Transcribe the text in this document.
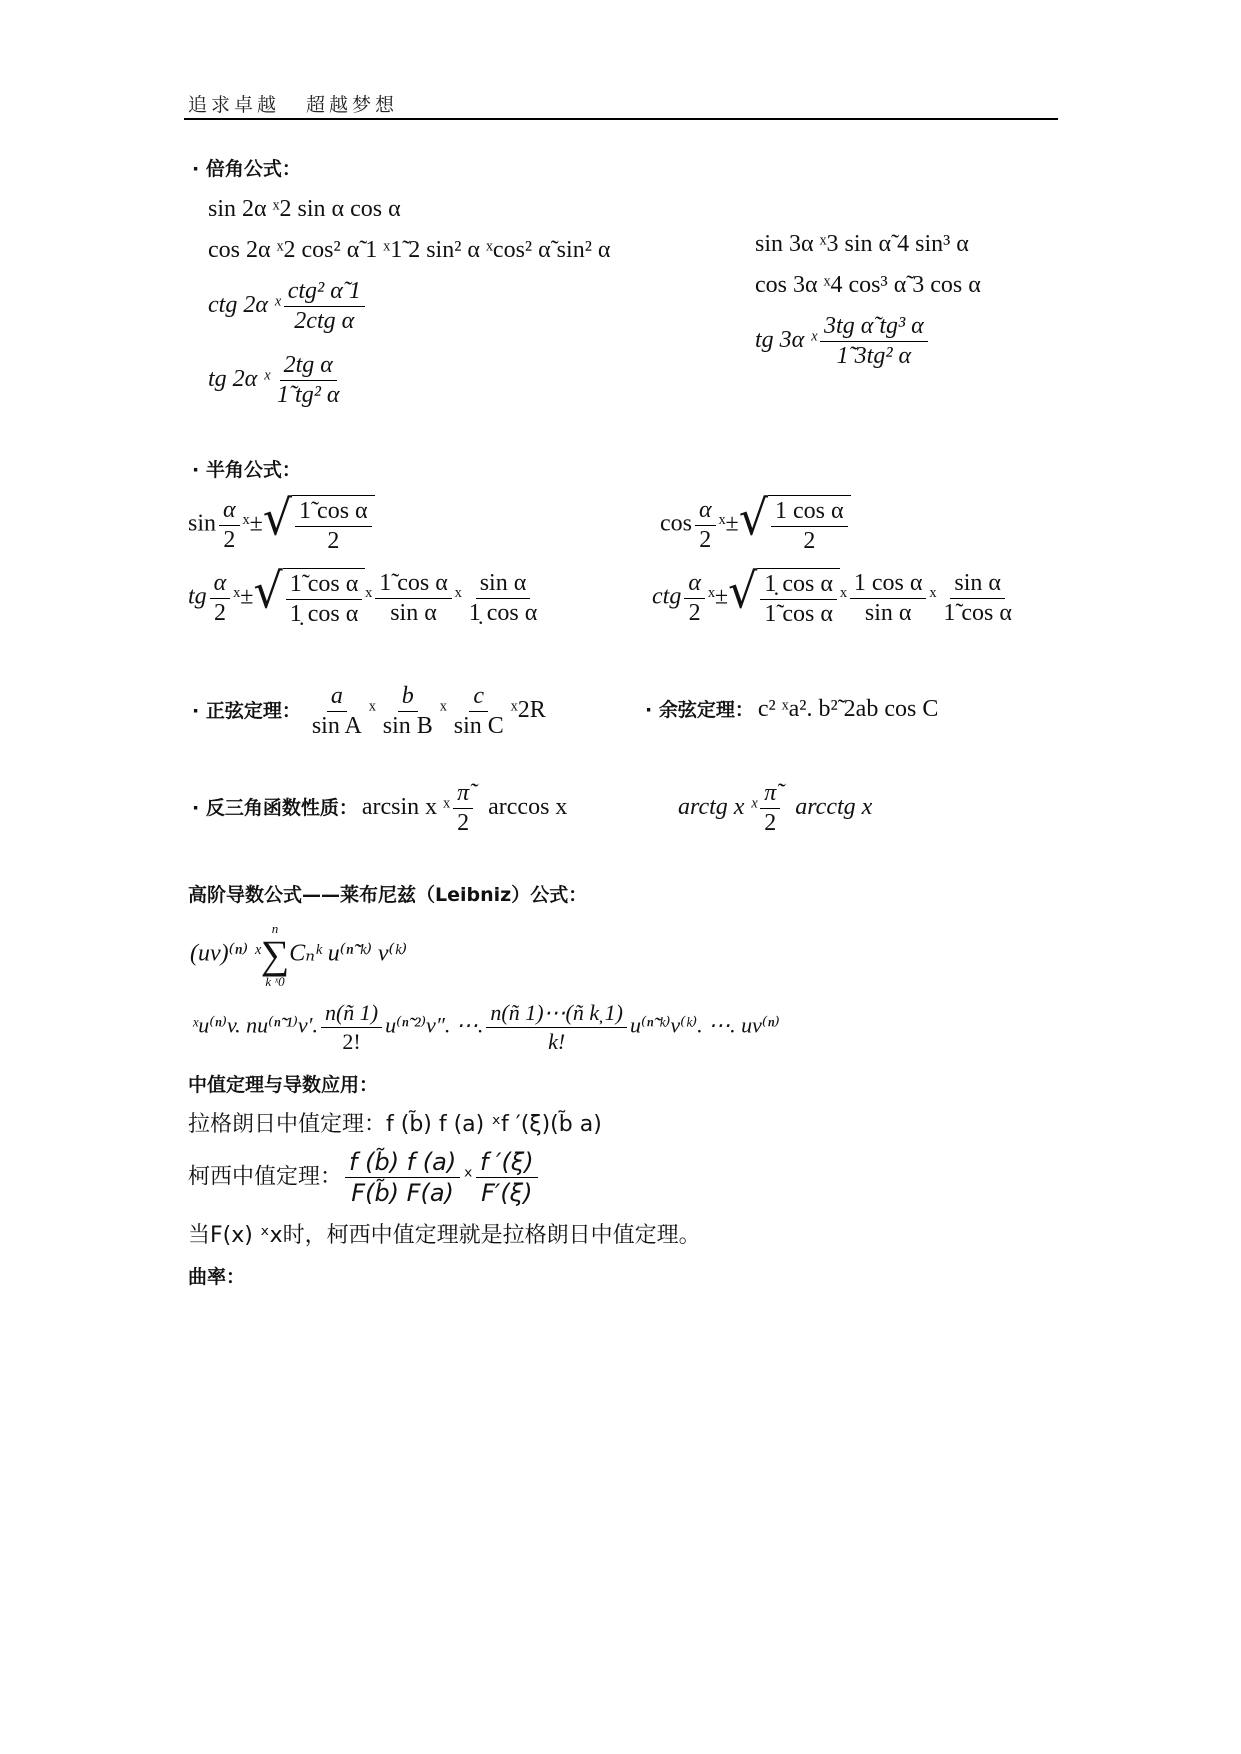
追求卓越 超越梦想
· 倍角公式：
sin 2α ˣ2 sin α cos α
cos 2α ˣ2 cos² α̃ 1 ˣ1̃ 2 sin² α ˣcos² α̃ sin² α
ctg 2α ˣ $\frac{\text{ctg² α̃ 1}}{\text{2ctg α}}$
tg 2α ˣ $\frac{\text{2tg α}}{\text{1̃ tg² α}}$
sin 3α ˣ3 sin α̃ 4 sin³ α
cos 3α ˣ4 cos³ α̃ 3 cos α
tg 3α ˣ $\frac{\text{3tg α̃ tg³ α}}{\text{1̃ 3tg² α}}$
· 半角公式：
$\sin \frac{\alpha}{2}$ ˣ± √ $\frac{\text{1̃ cos α}}{2}$	$\cos \frac{\alpha}{2}$ ˣ± √ $\frac{\text{1 cos α}}{2}$
tg $\frac{\alpha}{2}$ ˣ± √ $\frac{\text{1̃ cos α}}{\text{1̣ cos α}}$ ˣ $\frac{\text{1̃ cos α}}{\text{sin α}}$ ˣ $\frac{\text{sin α}}{\text{1̣ cos α}}$	ctg $\frac{\alpha}{2}$ ˣ± √ $\frac{\text{1̣ cos α}}{\text{1̃ cos α}}$ ˣ $\frac{\text{1 cos α}}{\text{sin α}}$ ˣ $\frac{\text{sin α}}{\text{1̃ cos α}}$
· 正弦定理： $\frac{a}{\text{sin A}}$ ˣ $\frac{b}{\text{sin B}}$ ˣ $\frac{c}{\text{sin C}}$ ˣ2R	· 余弦定理： c² ˣa². b²̃ 2ab cos C
· 反三角函数性质： arcsin x ˣ $\frac{\pĩ}{2}$ arccos x	arctg x ˣ $\frac{\pĩ}{2}$ arcctg x
高阶导数公式——莱布尼兹（Leibniz）公式：
(uv)⁽ⁿ⁾ ˣ
n
∑
k ˣ0
Cₙᵏ u⁽ⁿ̃ ᵏ⁾ v⁽ᵏ⁾
ˣu⁽ⁿ⁾v. nu⁽ⁿ̃ ¹⁾v′. $\frac{n(ñ 1)}{2!}$ u⁽ⁿ̃ ²⁾v″. ⋯. $\frac{\text{n(ñ 1)⋯(ñ k̦ 1)}}{k!}$ u⁽ⁿ̃ ᵏ⁾v⁽ᵏ⁾. ⋯. uv⁽ⁿ⁾
中值定理与导数应用：
拉格朗日中值定理：f (b̃) f (a) ˣf ′(ξ)(b̃ a)
柯西中值定理： $\frac{f (b̃) f (a)}{F(b̃) F(a)}$ ˣ $\frac{f '(\xi)}{F'(\xi)}$
当F(x) ˣx时，柯西中值定理就是拉格朗日中值定理。
曲率：
